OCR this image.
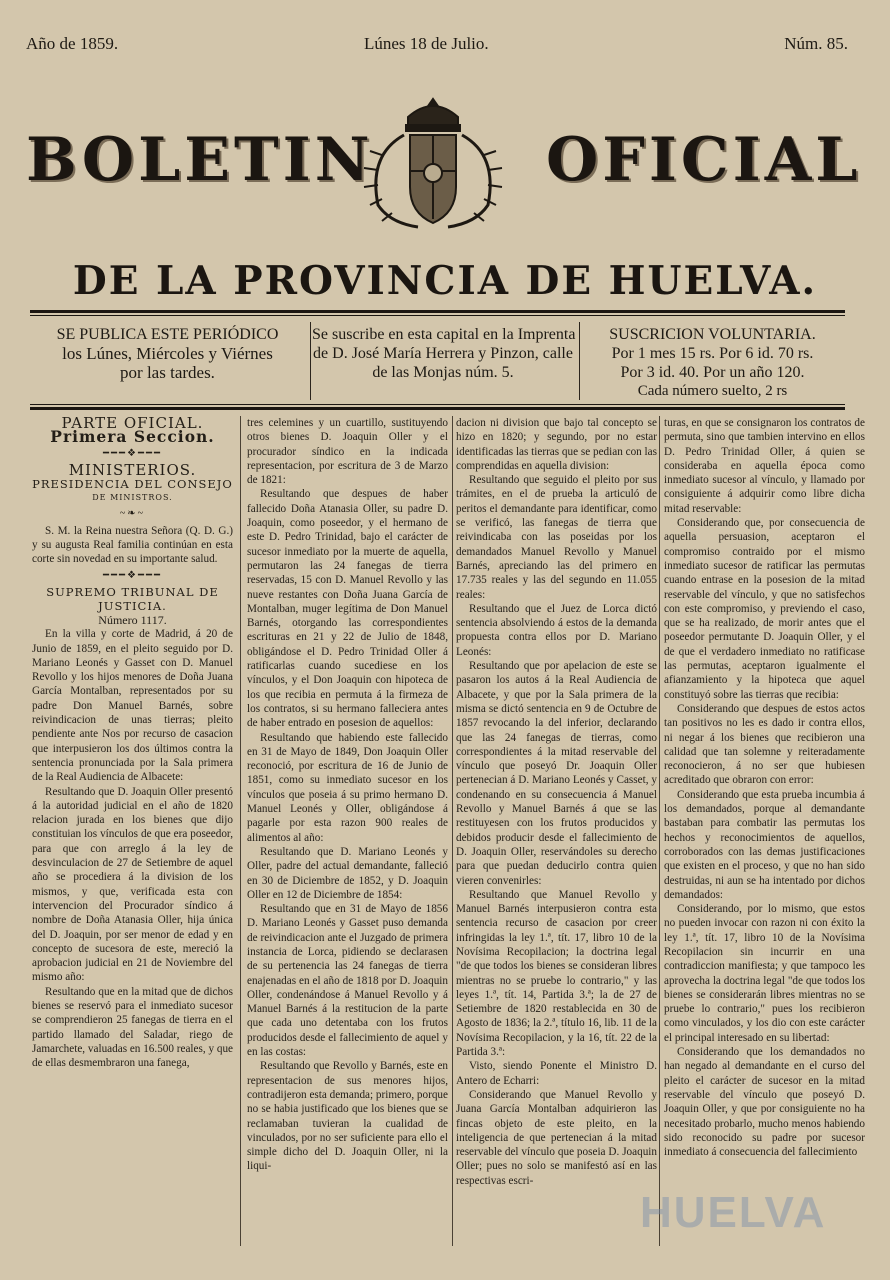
Año de 1859.	Lúnes 18 de Julio.	Núm. 85.
BOLETIN	OFICIAL
DE LA PROVINCIA DE HUELVA.
SE PUBLICA ESTE PERIÓDICO
los Lúnes, Miércoles y Viérnes
por las tardes.
Se suscribe en esta capital en la Imprenta
de D. José María Herrera y Pinzon, calle
de las Monjas núm. 5.
SUSCRICION VOLUNTARIA.
Por 1 mes 15 rs. Por 6 id. 70 rs.
Por 3 id. 40. Por un año 120.
Cada número suelto, 2 rs

PARTE OFICIAL.

Primera Seccion.

━━━❖━━━

MINISTERIOS.

PRESIDENCIA DEL CONSEJO

DE MINISTROS.

~❧~

S. M. la Reina nuestra Señora (Q. D. G.) y su augusta Real familia continúan en esta corte sin novedad en su importante salud.

━━━❖━━━

SUPREMO TRIBUNAL DE JUSTICIA.

Número 1117.

En la villa y corte de Madrid, á 20 de Junio de 1859, en el pleito seguido por D. Mariano Leonés y Gasset con D. Manuel Revollo y los hijos menores de Doña Juana García Montalban, representados por su padre Don Manuel Barnés, sobre reivindicacion de unas tierras; pleito pendiente ante Nos por recurso de casacion que interpusieron los dos últimos contra la sentencia pronunciada por la Sala primera de la Real Audiencia de Albacete:

Resultando que D. Joaquin Oller presentó á la autoridad judicial en el año de 1820 relacion jurada en los bienes que dijo constituian los vínculos de que era poseedor, para que con arreglo á la ley de desvinculacion de 27 de Setiembre de aquel año se procediera á la division de los mismos, y que, verificada esta con intervencion del Procurador síndico á nombre de Doña Atanasia Oller, hija única del D. Joaquin, por ser menor de edad y en concepto de sucesora de este, mereció la aprobacion judicial en 21 de Noviembre del mismo año:

Resultando que en la mitad que de dichos bienes se reservó para el inmediato sucesor se comprendieron 25 fanegas de tierra en el partido llamado del Saladar, riego de Jamarchete, valuadas en 16.500 reales, y que de ellas desmembraron una fanega,

tres celemines y un cuartillo, sustituyendo otros bienes D. Joaquin Oller y el procurador síndico en la indicada representacion, por escritura de 3 de Marzo de 1821:

Resultando que despues de haber fallecido Doña Atanasia Oller, su padre D. Joaquin, como poseedor, y el hermano de este D. Pedro Trinidad, bajo el carácter de sucesor inmediato por la muerte de aquella, permutaron las 24 fanegas de tierra reservadas, 15 con D. Manuel Revollo y las nueve restantes con Doña Juana García de Montalban, muger legítima de Don Manuel Barnés, otorgando las correspondientes escrituras en 21 y 22 de Julio de 1848, obligándose el D. Pedro Trinidad Oller á ratificarlas cuando sucediese en los vínculos, y el Don Joaquin con hipoteca de los que recibia en permuta á la firmeza de los contratos, si su hermano falleciera antes de haber entrado en posesion de aquellos:

Resultando que habiendo este fallecido en 31 de Mayo de 1849, Don Joaquin Oller reconoció, por escritura de 16 de Junio de 1851, como su inmediato sucesor en los vínculos que poseia á su primo hermano D. Manuel Leonés y Oller, obligándose á pagarle por esta razon 900 reales de alimentos al año:

Resultando que D. Mariano Leonés y Oller, padre del actual demandante, falleció en 30 de Diciembre de 1852, y D. Joaquin Oller en 12 de Diciembre de 1854:

Resultando que en 31 de Mayo de 1856 D. Mariano Leonés y Gasset puso demanda de reivindicacion ante el Juzgado de primera instancia de Lorca, pidiendo se declarasen de su pertenencia las 24 fanegas de tierra enajenadas en el año de 1818 por D. Joaquin Oller, condenándose á Manuel Revollo y á Manuel Barnés á la restitucion de la parte que cada uno detentaba con los frutos producidos desde el fallecimiento de aquel y en las costas:

Resultando que Revollo y Barnés, este en representacion de sus menores hijos, contradijeron esta demanda; primero, porque no se habia justificado que los bienes que se reclamaban tuvieran la cualidad de vinculados, por no ser suficiente para ello el simple dicho del D. Joaquin Oller, ni la liqui-

dacion ni division que bajo tal concepto se hizo en 1820; y segundo, por no estar identificadas las tierras que se pedian con las comprendidas en aquella division:

Resultando que seguido el pleito por sus trámites, en el de prueba la articuló de peritos el demandante para identificar, como se verificó, las fanegas de tierra que reivindicaba con las poseidas por los demandados Manuel Revollo y Manuel Barnés, apreciando las del primero en 17.735 reales y las del segundo en 11.055 reales:

Resultando que el Juez de Lorca dictó sentencia absolviendo á estos de la demanda propuesta contra ellos por D. Mariano Leonés:

Resultando que por apelacion de este se pasaron los autos á la Real Audiencia de Albacete, y que por la Sala primera de la misma se dictó sentencia en 9 de Octubre de 1857 revocando la del inferior, declarando que las 24 fanegas de tierras, como correspondientes á la mitad reservable del vínculo que poseyó Dr. Joaquin Oller pertenecian á D. Mariano Leonés y Casset, y condenando en su consecuencia á Manuel Revollo y Manuel Barnés á que se las restituyesen con los frutos producidos y debidos producir desde el fallecimiento de D. Joaquin Oller, reservándoles su derecho para que puedan deducirlo contra quien vieren convenirles:

Resultando que Manuel Revollo y Manuel Barnés interpusieron contra esta sentencia recurso de casacion por creer infringidas la ley 1.ª, tít. 17, libro 10 de la Novísima Recopilacion; la doctrina legal "de que todos los bienes se consideran libres mientras no se pruebe lo contrario," y las leyes 1.ª, tít. 14, Partida 3.ª; la de 27 de Setiembre de 1820 restablecida en 30 de Agosto de 1836; la 2.ª, título 16, lib. 11 de la Novísima Recopilacion, y la 16, tít. 22 de la Partida 3.ª:

Visto, siendo Ponente el Ministro D. Antero de Echarri:

Considerando que Manuel Revollo y Juana García Montalban adquirieron las fincas objeto de este pleito, en la inteligencia de que pertenecian á la mitad reservable del vínculo que poseia D. Joaquin Oller; pues no solo se manifestó así en las respectivas escri-

turas, en que se consignaron los contratos de permuta, sino que tambien intervino en ellos D. Pedro Trinidad Oller, á quien se consideraba en aquella época como inmediato sucesor al vínculo, y llamado por consiguiente á adquirir como libre dicha mitad reservable:

Considerando que, por consecuencia de aquella persuasion, aceptaron el compromiso contraido por el mismo inmediato sucesor de ratificar las permutas cuando entrase en la posesion de la mitad reservable del vínculo, y que no satisfechos con este compromiso, y previendo el caso, que se ha realizado, de morir antes que el poseedor permutante D. Joaquin Oller, y el de que el verdadero inmediato no ratificase las permutas, aceptaron igualmente el afianzamiento y la hipoteca que aquel constituyó sobre las tierras que recibia:

Considerando que despues de estos actos tan positivos no les es dado ir contra ellos, ni negar á los bienes que recibieron una calidad que tan solemne y reiteradamente reconocieron, á no ser que hubiesen acreditado que obraron con error:

Considerando que esta prueba incumbia á los demandados, porque al demandante bastaban para combatir las permutas los hechos y reconocimientos de aquellos, corroborados con las demas justificaciones que existen en el proceso, y que no han sido destruidas, ni aun se ha intentado por dichos demandados:

Considerando, por lo mismo, que estos no pueden invocar con razon ni con éxito la ley 1.ª, tít. 17, libro 10 de la Novísima Recopilacion sin incurrir en una contradiccion manifiesta; y que tampoco les aprovecha la doctrina legal "de que todos los bienes se considerarán libres mientras no se pruebe lo contrario," pues los recibieron como vinculados, y los dio con este carácter el principal interesado en su libertad:

Considerando que los demandados no han negado al demandante en el curso del pleito el carácter de sucesor en la mitad reservable del vínculo que poseyó D. Joaquin Oller, y que por consiguiente no ha necesitado probarlo, mucho menos habiendo sido reconocido su padre por sucesor inmediato á consecuencia del fallecimiento

HUELVA
